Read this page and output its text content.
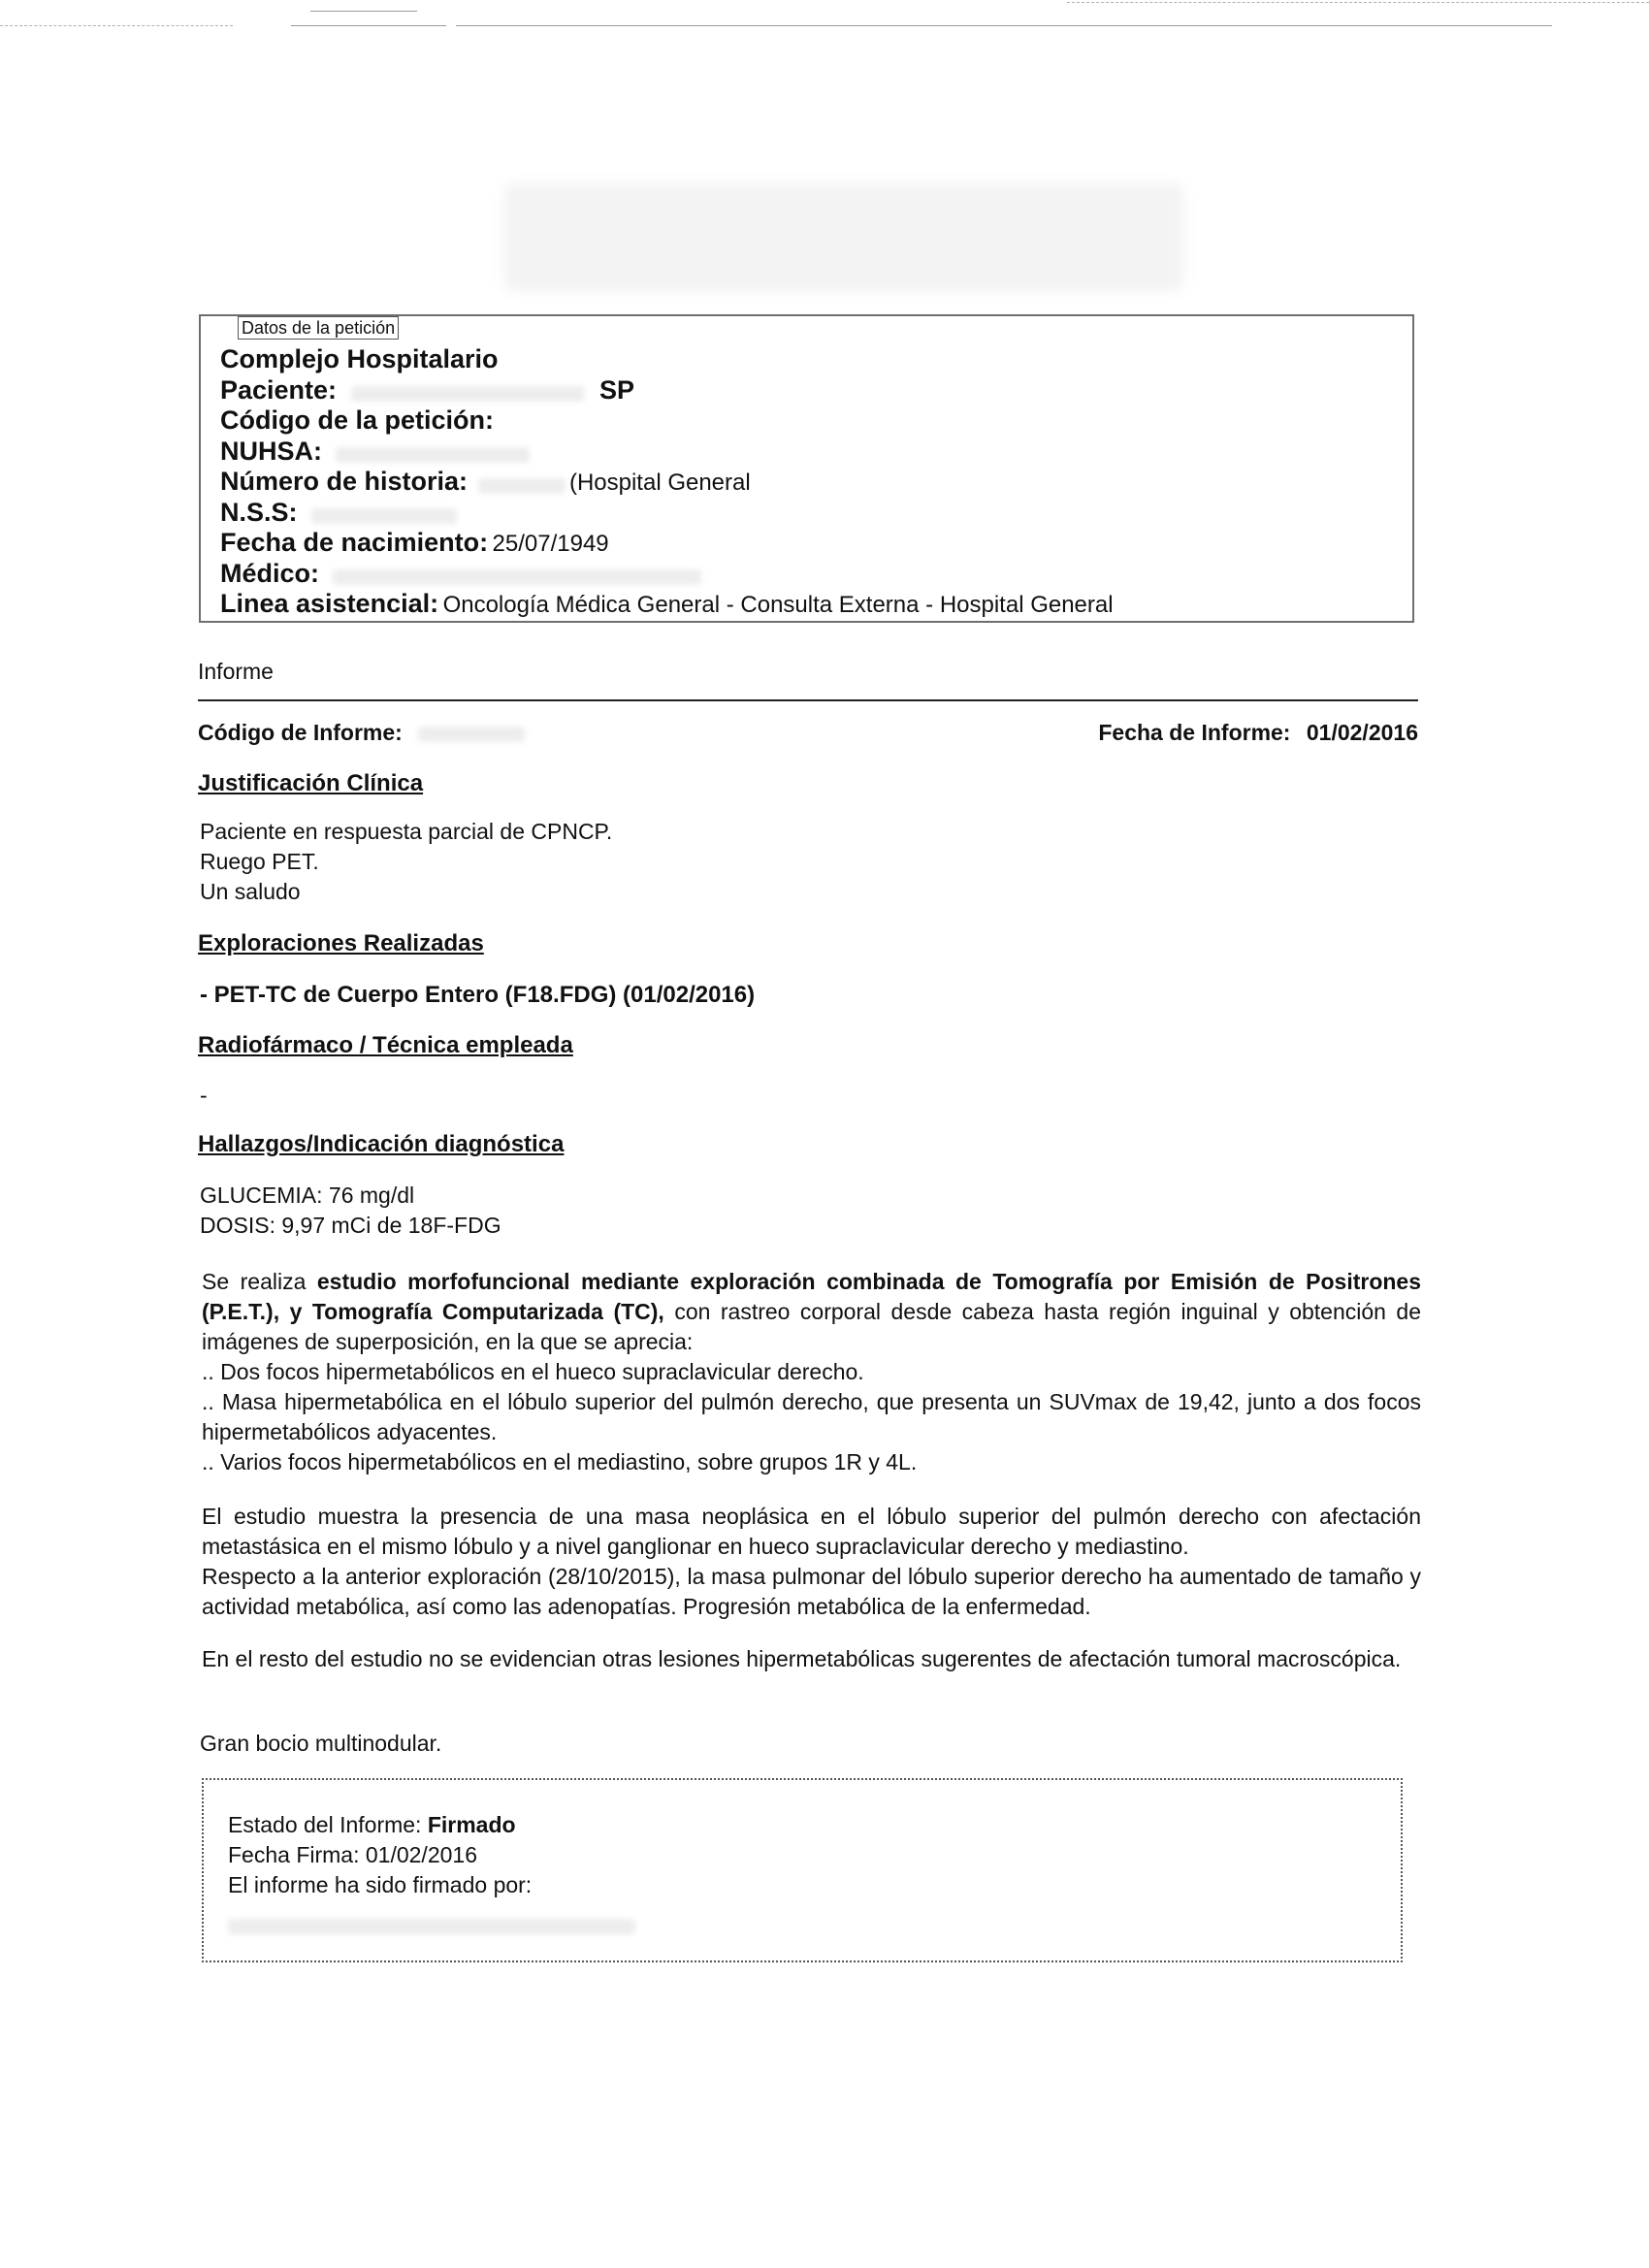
Datos de la petición
Complejo Hospitalario
Paciente:	SP
Código de la petición:
NUHSA:
Número de historia:	(Hospital General
N.S.S:
Fecha de nacimiento: 25/07/1949
Médico:
Linea asistencial: Oncología Médica General - Consulta Externa - Hospital General
Informe
Código de Informe:	Fecha de Informe: 01/02/2016
Justificación Clínica
Paciente en respuesta parcial de CPNCP.
Ruego PET.
Un saludo
Exploraciones Realizadas
- PET-TC de Cuerpo Entero (F18.FDG) (01/02/2016)
Radiofármaco / Técnica empleada
-
Hallazgos/Indicación diagnóstica
GLUCEMIA: 76 mg/dl
DOSIS: 9,97 mCi de 18F-FDG
Se realiza estudio morfofuncional mediante exploración combinada de Tomografía por Emisión de Positrones (P.E.T.), y Tomografía Computarizada (TC), con rastreo corporal desde cabeza hasta región inguinal y obtención de imágenes de superposición, en la que se aprecia:
.. Dos focos hipermetabólicos en el hueco supraclavicular derecho.
.. Masa hipermetabólica en el lóbulo superior del pulmón derecho, que presenta un SUVmax de 19,42, junto a dos focos hipermetabólicos adyacentes.
.. Varios focos hipermetabólicos en el mediastino, sobre grupos 1R y 4L.
El estudio muestra la presencia de una masa neoplásica en el lóbulo superior del pulmón derecho con afectación metastásica en el mismo lóbulo y a nivel ganglionar en hueco supraclavicular derecho y mediastino.
Respecto a la anterior exploración (28/10/2015), la masa pulmonar del lóbulo superior derecho ha aumentado de tamaño y actividad metabólica, así como las adenopatías. Progresión metabólica de la enfermedad.
En el resto del estudio no se evidencian otras lesiones hipermetabólicas sugerentes de afectación tumoral macroscópica.
Gran bocio multinodular.
Estado del Informe: Firmado
Fecha Firma: 01/02/2016
El informe ha sido firmado por:
